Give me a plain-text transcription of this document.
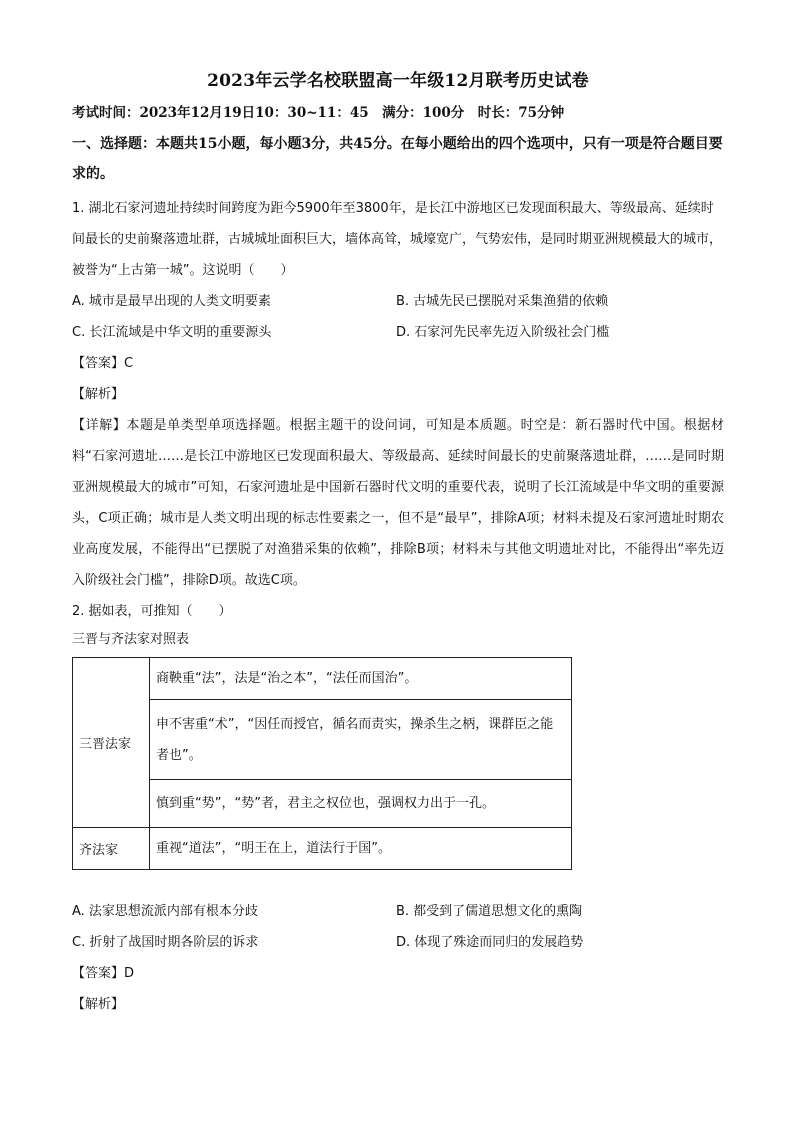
2023年云学名校联盟高一年级12月联考历史试卷
考试时间：2023年12月19日10：30~11：45　满分：100分　时长：75分钟
一、选择题：本题共15小题，每小题3分，共45分。在每小题给出的四个选项中，只有一项是符合题目要求的。

1. 湖北石家河遗址持续时间跨度为距今5900年至3800年，是长江中游地区已发现面积最大、等级最高、延续时间最长的史前聚落遗址群，古城城址面积巨大，墙体高耸，城壕宽广，气势宏伟，是同时期亚洲规模最大的城市，被誉为“上古第一城”。这说明（　　）

A. 城市是最早出现的人类文明要素	B. 古城先民已摆脱对采集渔猎的依赖
C. 长江流域是中华文明的重要源头	D. 石家河先民率先迈入阶级社会门槛

【答案】C

【解析】

【详解】本题是单类型单项选择题。根据主题干的设问词，可知是本质题。时空是：新石器时代中国。根据材料“石家河遗址……是长江中游地区已发现面积最大、等级最高、延续时间最长的史前聚落遗址群，……是同时期亚洲规模最大的城市”可知，石家河遗址是中国新石器时代文明的重要代表，说明了长江流域是中华文明的重要源头，C项正确；城市是人类文明出现的标志性要素之一，但不是“最早”，排除A项；材料未提及石家河遗址时期农业高度发展，不能得出“已摆脱了对渔猎采集的依赖”，排除B项；材料未与其他文明遗址对比，不能得出“率先迈入阶级社会门槛”，排除D项。故选C项。

2. 据如表，可推知（　　）

三晋与齐法家对照表

三晋法家	商鞅重“法”，法是“治之本”，“法任而国治”。
	申不害重“术”，“因任而授官，循名而责实，操杀生之柄，课群臣之能者也”。
	慎到重“势”，“势”者，君主之权位也，强调权力出于一孔。
齐法家	重视“道法”，“明王在上，道法行于国”。
A. 法家思想流派内部有根本分歧	B. 都受到了儒道思想文化的熏陶
C. 折射了战国时期各阶层的诉求	D. 体现了殊途而同归的发展趋势

【答案】D

【解析】
